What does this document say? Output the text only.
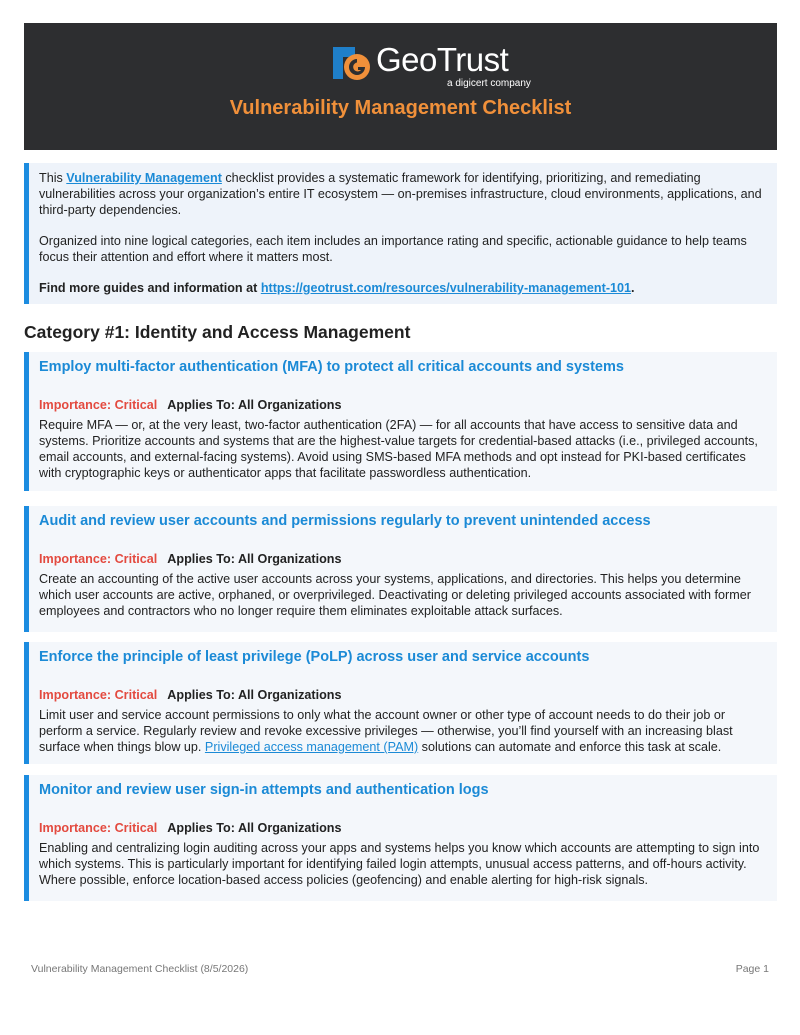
GeoTrust
a digicert company
Vulnerability Management Checklist

This Vulnerability Management checklist provides a systematic framework for identifying, prioritizing, and remediating vulnerabilities across your organization’s entire IT ecosystem — on-premises infrastructure, cloud environments, applications, and third-party dependencies.

Organized into nine logical categories, each item includes an importance rating and specific, actionable guidance to help teams focus their attention and effort where it matters most.

Find more guides and information at https://geotrust.com/resources/vulnerability-management-101.

Category #1: Identity and Access Management
Employ multi-factor authentication (MFA) to protect all critical accounts and systems
Importance: Critical Applies To: All Organizations
Require MFA — or, at the very least, two-factor authentication (2FA) — for all accounts that have access to sensitive data and systems. Prioritize accounts and systems that are the highest-value targets for credential-based attacks (i.e., privileged accounts, email accounts, and external-facing systems). Avoid using SMS-based MFA methods and opt instead for PKI-based certificates with cryptographic keys or authenticator apps that facilitate passwordless authentication.
Audit and review user accounts and permissions regularly to prevent unintended access
Importance: Critical Applies To: All Organizations
Create an accounting of the active user accounts across your systems, applications, and directories. This helps you determine which user accounts are active, orphaned, or overprivileged. Deactivating or deleting privileged accounts associated with former employees and contractors who no longer require them eliminates exploitable attack surfaces.
Enforce the principle of least privilege (PoLP) across user and service accounts
Importance: Critical Applies To: All Organizations
Limit user and service account permissions to only what the account owner or other type of account needs to do their job or perform a service. Regularly review and revoke excessive privileges — otherwise, you’ll find yourself with an increasing blast surface when things blow up. Privileged access management (PAM) solutions can automate and enforce this task at scale.
Monitor and review user sign-in attempts and authentication logs
Importance: Critical Applies To: All Organizations
Enabling and centralizing login auditing across your apps and systems helps you know which accounts are attempting to sign into which systems. This is particularly important for identifying failed login attempts, unusual access patterns, and off-hours activity. Where possible, enforce location-based access policies (geofencing) and enable alerting for high-risk signals.
Vulnerability Management Checklist (8/5/2026)	Page 1
